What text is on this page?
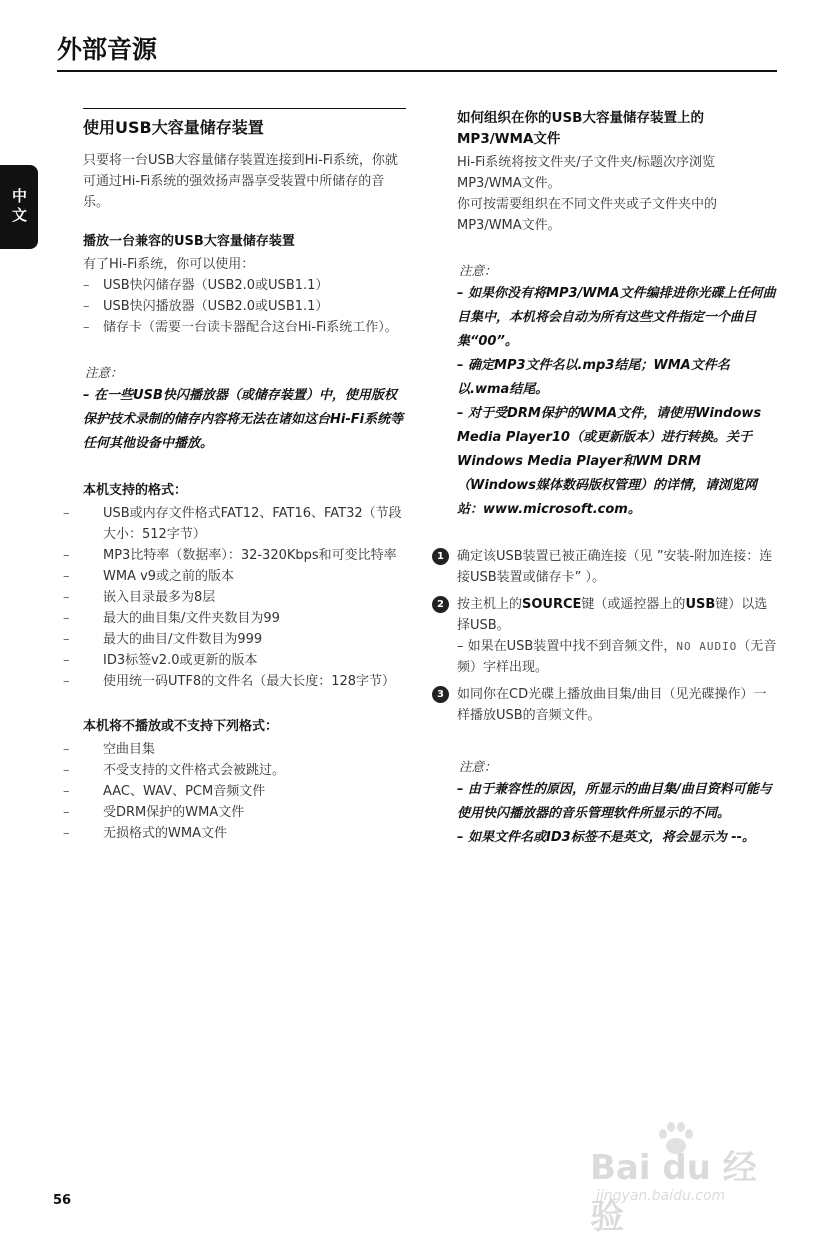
外部音源
中文
使用USB大容量储存装置

只要将一台USB大容量储存装置连接到Hi-Fi系统，你就可通过Hi-Fi系统的强效扬声器享受装置中所储存的音乐。

播放一台兼容的USB大容量储存装置

有了Hi-Fi系统，你可以使用：

– USB快闪储存器（USB2.0或USB1.1）
– USB快闪播放器（USB2.0或USB1.1）
– 储存卡（需要一台读卡器配合这台Hi-Fi系统工作）。
注意：

– 在一些USB快闪播放器（或储存装置）中，使用版权保护技术录制的储存内容将无法在诸如这台Hi-Fi系统等任何其他设备中播放。

本机支持的格式：
– USB或内存文件格式FAT12、FAT16、FAT32（节段大小：512字节）
– MP3比特率（数据率）：32-320Kbps和可变比特率
– WMA v9或之前的版本
– 嵌入目录最多为8层
– 最大的曲目集/文件夹数目为99
– 最大的曲目/文件数目为999
– ID3标签v2.0或更新的版本
– 使用统一码UTF8的文件名（最大长度：128字节）
本机将不播放或不支持下列格式：
– 空曲目集
– 不受支持的文件格式会被跳过。
– AAC、WAV、PCM音频文件
– 受DRM保护的WMA文件
– 无损格式的WMA文件
如何组织在你的USB大容量储存装置上的MP3/WMA文件

Hi-Fi系统将按文件夹/子文件夹/标题次序浏览MP3/WMA文件。

你可按需要组织在不同文件夹或子文件夹中的MP3/WMA文件。

注意：

– 如果你没有将MP3/WMA文件编排进你光碟上任何曲目集中，本机将会自动为所有这些文件指定一个曲目集“00”。

– 确定MP3文件名以.mp3结尾；WMA文件名以.wma结尾。

– 对于受DRM保护的WMA文件，请使用Windows Media Player10（或更新版本）进行转换。关于Windows Media Player和WM DRM（Windows媒体数码版权管理）的详情，请浏览网站：www.microsoft.com。

1	确定该USB装置已被正确连接（见 ”安装-附加连接：连接USB装置或储存卡” ）。

2	按主机上的SOURCE键（或遥控器上的USB键）以选择USB。

– 如果在USB装置中找不到音频文件，NO AUDIO（无音频）字样出现。

3	如同你在CD光碟上播放曲目集/曲目（见光碟操作）一样播放USB的音频文件。

注意：

– 由于兼容性的原因，所显示的曲目集/曲目资料可能与使用快闪播放器的音乐管理软件所显示的不同。

– 如果文件名或ID3标签不是英文，将会显示为 --。

56
Bai du 经验
jingyan.baidu.com
